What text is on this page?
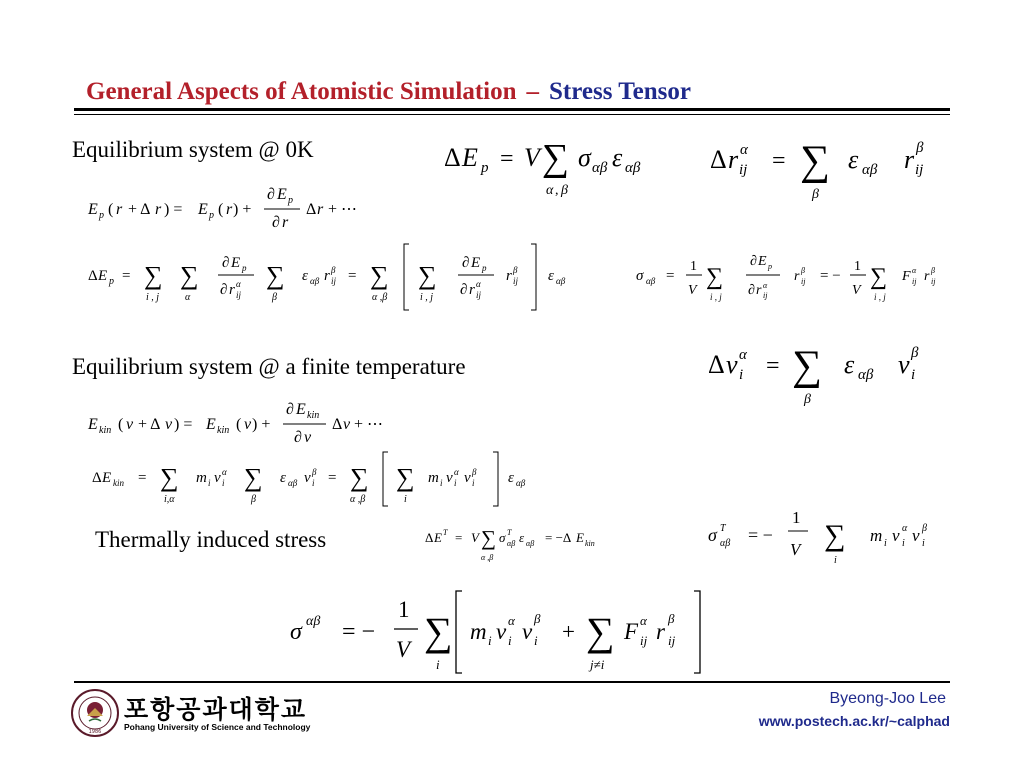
General Aspects of Atomistic Simulation – Stress Tensor
Equilibrium system @ 0K
Equilibrium system @ a finite temperature
Thermally induced stress
Δ E p = V ∑
α , β
σ αβ ε αβ	Δ r α
ij = ∑
β
ε αβ r β
ij
E p ( r + Δ r ) = E p ( r ) +
∂ E p
∂ r
Δ r + ⋯
Δ E p = ∑
i , j
∑
α
∂ E p
∂ r α
ij
∑
β
ε αβ r β
ij = ∑
α ,β
∑
i , j
∂ E p
∂ r α
ij
r β
ij ε αβ	σ αβ =
1
V
∑
i , j
∂ E p
∂ r α
ij
r β
ij = −
1
V
∑
i , j
F α
ij r β
ij
Δ v α
i = ∑
β
ε αβ v β
i
E kin ( v + Δ v ) = E kin ( v ) +
∂ E kin
∂ v
Δ v + ⋯
Δ E kin = ∑
i,α
m i v α
i ∑
β
ε αβ v β
i = ∑
α ,β
∑
i
m i v α
i v β
i ε αβ
Δ E T = V ∑
α ,β
σ T
αβ ε αβ = −Δ E kin	σ T
αβ = −
1
V ∑
i
m i v α
i v β
i
σ αβ = −
1
V ∑
i
m i v α
i v
β
i + ∑
j≠i
F α
ij r
β
ij
1986
포항공과대학교
Pohang University of Science and Technology
Byeong-Joo Lee
www.postech.ac.kr/~calphad
